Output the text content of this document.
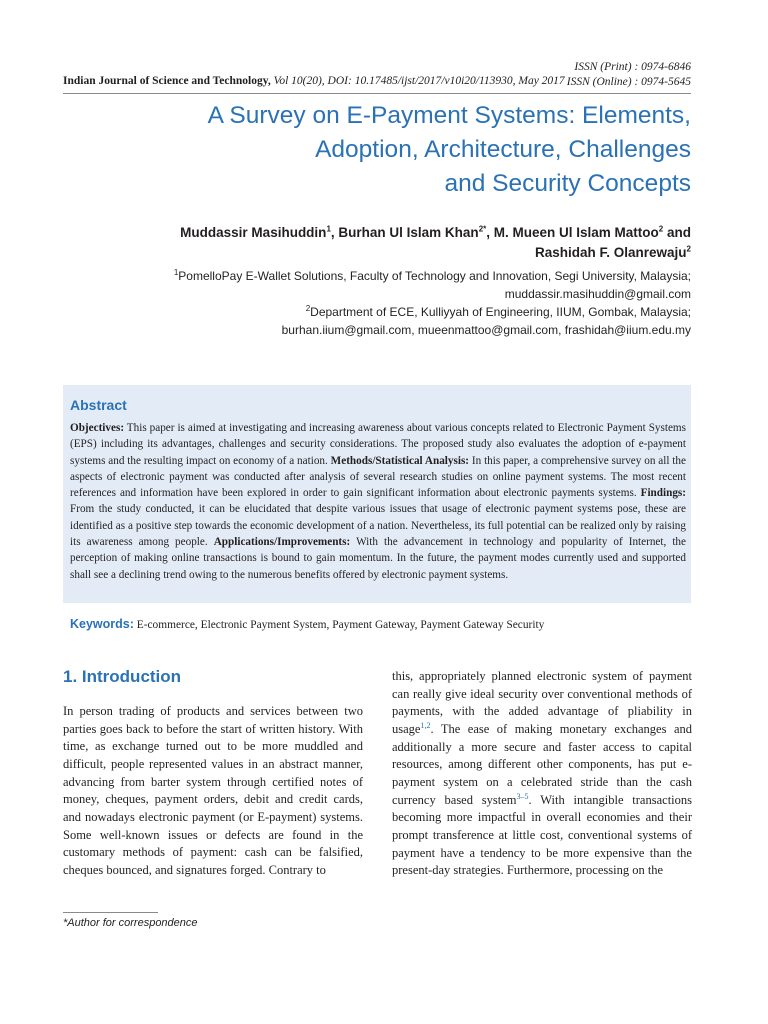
ISSN (Print) : 0974-6846
ISSN (Online) : 0974-5645
Indian Journal of Science and Technology, Vol 10(20), DOI: 10.17485/ijst/2017/v10i20/113930, May 2017
A Survey on E-Payment Systems: Elements,
Adoption, Architecture, Challenges
and Security Concepts
Muddassir Masihuddin$^1$, Burhan Ul Islam Khan$^{2*}$, M. Mueen Ul Islam Mattoo$^2$ and
Rashidah F. Olanrewaju$^2$
$^1$PomelloPay E-Wallet Solutions, Faculty of Technology and Innovation, Segi University, Malaysia;
muddassir.masihuddin@gmail.com
$^2$Department of ECE, Kulliyyah of Engineering, IIUM, Gombak, Malaysia;
burhan.iium@gmail.com, mueenmattoo@gmail.com, frashidah@iium.edu.my
Abstract
Objectives: This paper is aimed at investigating and increasing awareness about various concepts related to Electronic Payment Systems (EPS) including its advantages, challenges and security considerations. The proposed study also evaluates the adoption of e-payment systems and the resulting impact on economy of a nation. Methods/Statistical Analysis: In this paper, a comprehensive survey on all the aspects of electronic payment was conducted after analysis of several research studies on online payment systems. The most recent references and information have been explored in order to gain significant information about electronic payments systems. Findings: From the study conducted, it can be elucidated that despite various issues that usage of electronic payment systems pose, these are identified as a positive step towards the economic development of a nation. Nevertheless, its full potential can be realized only by raising its awareness among people. Applications/Improvements: With the advancement in technology and popularity of Internet, the perception of making online transactions is bound to gain momentum. In the future, the payment modes currently used and supported shall see a declining trend owing to the numerous benefits offered by electronic payment systems.
Keywords: E-commerce, Electronic Payment System, Payment Gateway, Payment Gateway Security
1. Introduction
In person trading of products and services between two parties goes back to before the start of written history. With time, as exchange turned out to be more muddled and difficult, people represented values in an abstract manner, advancing from barter system through certified notes of money, cheques, payment orders, debit and credit cards, and nowadays electronic payment (or E-payment) systems. Some well-known issues or defects are found in the customary methods of payment: cash can be falsified, cheques bounced, and signatures forged. Contrary to
this, appropriately planned electronic system of payment can really give ideal security over conventional methods of payments, with the added advantage of pliability in usage$^{1,2}$. The ease of making monetary exchanges and additionally a more secure and faster access to capital resources, among different other components, has put e-payment system on a celebrated stride than the cash currency based system$^{3-5}$. With intangible transactions becoming more impactful in overall economies and their prompt transference at little cost, conventional systems of payment have a tendency to be more expensive than the present-day strategies. Furthermore, processing on the
*Author for correspondence
